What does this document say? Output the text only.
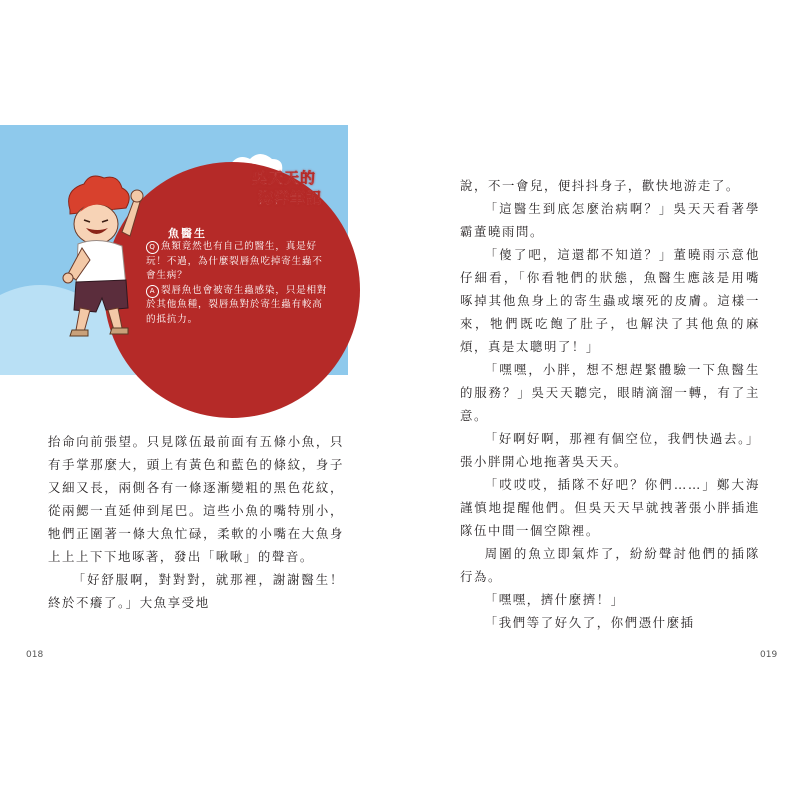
吳天天的
海洋筆記
魚醫生

Q 魚類竟然也有自己的醫生，真是好玩！不過，為什麼裂唇魚吃掉寄生蟲不會生病？

A 裂唇魚也會被寄生蟲感染，只是相對於其他魚種，裂唇魚對於寄生蟲有較高的抵抗力。

抬命向前張望。只見隊伍最前面有五條小魚，只有手掌那麼大，頭上有黃色和藍色的條紋，身子又細又長，兩側各有一條逐漸變粗的黑色花紋，從兩鰓一直延伸到尾巴。這些小魚的嘴特別小，牠們正圍著一條大魚忙碌，柔軟的小嘴在大魚身上上上下下地啄著，發出「啾啾」的聲音。

「好舒服啊，對對對，就那裡，謝謝醫生！終於不癢了。」大魚享受地

說，不一會兒，便抖抖身子，歡快地游走了。

「這醫生到底怎麼治病啊？」吳天天看著學霸董曉雨問。

「傻了吧，這還都不知道？」董曉雨示意他仔細看，「你看牠們的狀態，魚醫生應該是用嘴啄掉其他魚身上的寄生蟲或壞死的皮膚。這樣一來，牠們既吃飽了肚子，也解決了其他魚的麻煩，真是太聰明了！」

「嘿嘿，小胖，想不想趕緊體驗一下魚醫生的服務？」吳天天聽完，眼睛滴溜一轉，有了主意。

「好啊好啊，那裡有個空位，我們快過去。」張小胖開心地拖著吳天天。

「哎哎哎，插隊不好吧？你們……」鄭大海謹慎地提醒他們。但吳天天早就拽著張小胖插進隊伍中間一個空隙裡。

周圍的魚立即氣炸了，紛紛聲討他們的插隊行為。

「嘿嘿，擠什麼擠！」

「我們等了好久了，你們憑什麼插

018	019
